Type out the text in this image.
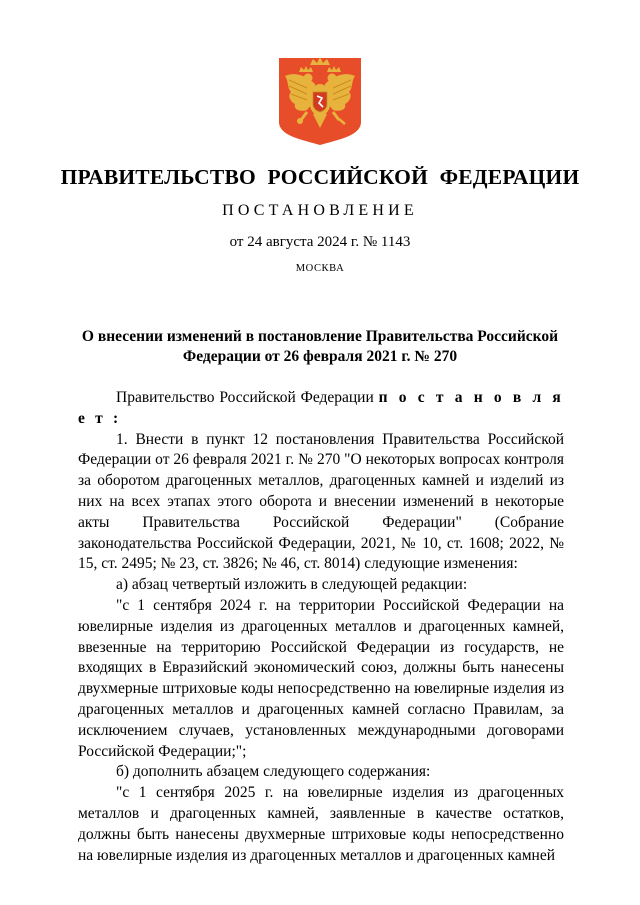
ПРАВИТЕЛЬСТВО РОССИЙСКОЙ ФЕДЕРАЦИИ
ПОСТАНОВЛЕНИЕ
от 24 августа 2024 г. № 1143
МОСКВА
О внесении изменений в постановление Правительства Российской Федерации от 26 февраля 2021 г. № 270

Правительство Российской Федерации п о с т а н о в л я е т :

1. Внести в пункт 12 постановления Правительства Российской Федерации от 26 февраля 2021 г. № 270 "О некоторых вопросах контроля за оборотом драгоценных металлов, драгоценных камней и изделий из них на всех этапах этого оборота и внесении изменений в некоторые акты Правительства Российской Федерации" (Собрание законодательства Российской Федерации, 2021, № 10, ст. 1608; 2022, № 15, ст. 2495; № 23, ст. 3826; № 46, ст. 8014) следующие изменения:

а) абзац четвертый изложить в следующей редакции:

"с 1 сентября 2024 г. на территории Российской Федерации на ювелирные изделия из драгоценных металлов и драгоценных камней, ввезенные на территорию Российской Федерации из государств, не входящих в Евразийский экономический союз, должны быть нанесены двухмерные штриховые коды непосредственно на ювелирные изделия из драгоценных металлов и драгоценных камней согласно Правилам, за исключением случаев, установленных международными договорами Российской Федерации;";

б) дополнить абзацем следующего содержания:

"с 1 сентября 2025 г. на ювелирные изделия из драгоценных металлов и драгоценных камней, заявленные в качестве остатков, должны быть нанесены двухмерные штриховые коды непосредственно на ювелирные изделия из драгоценных металлов и драгоценных камней
